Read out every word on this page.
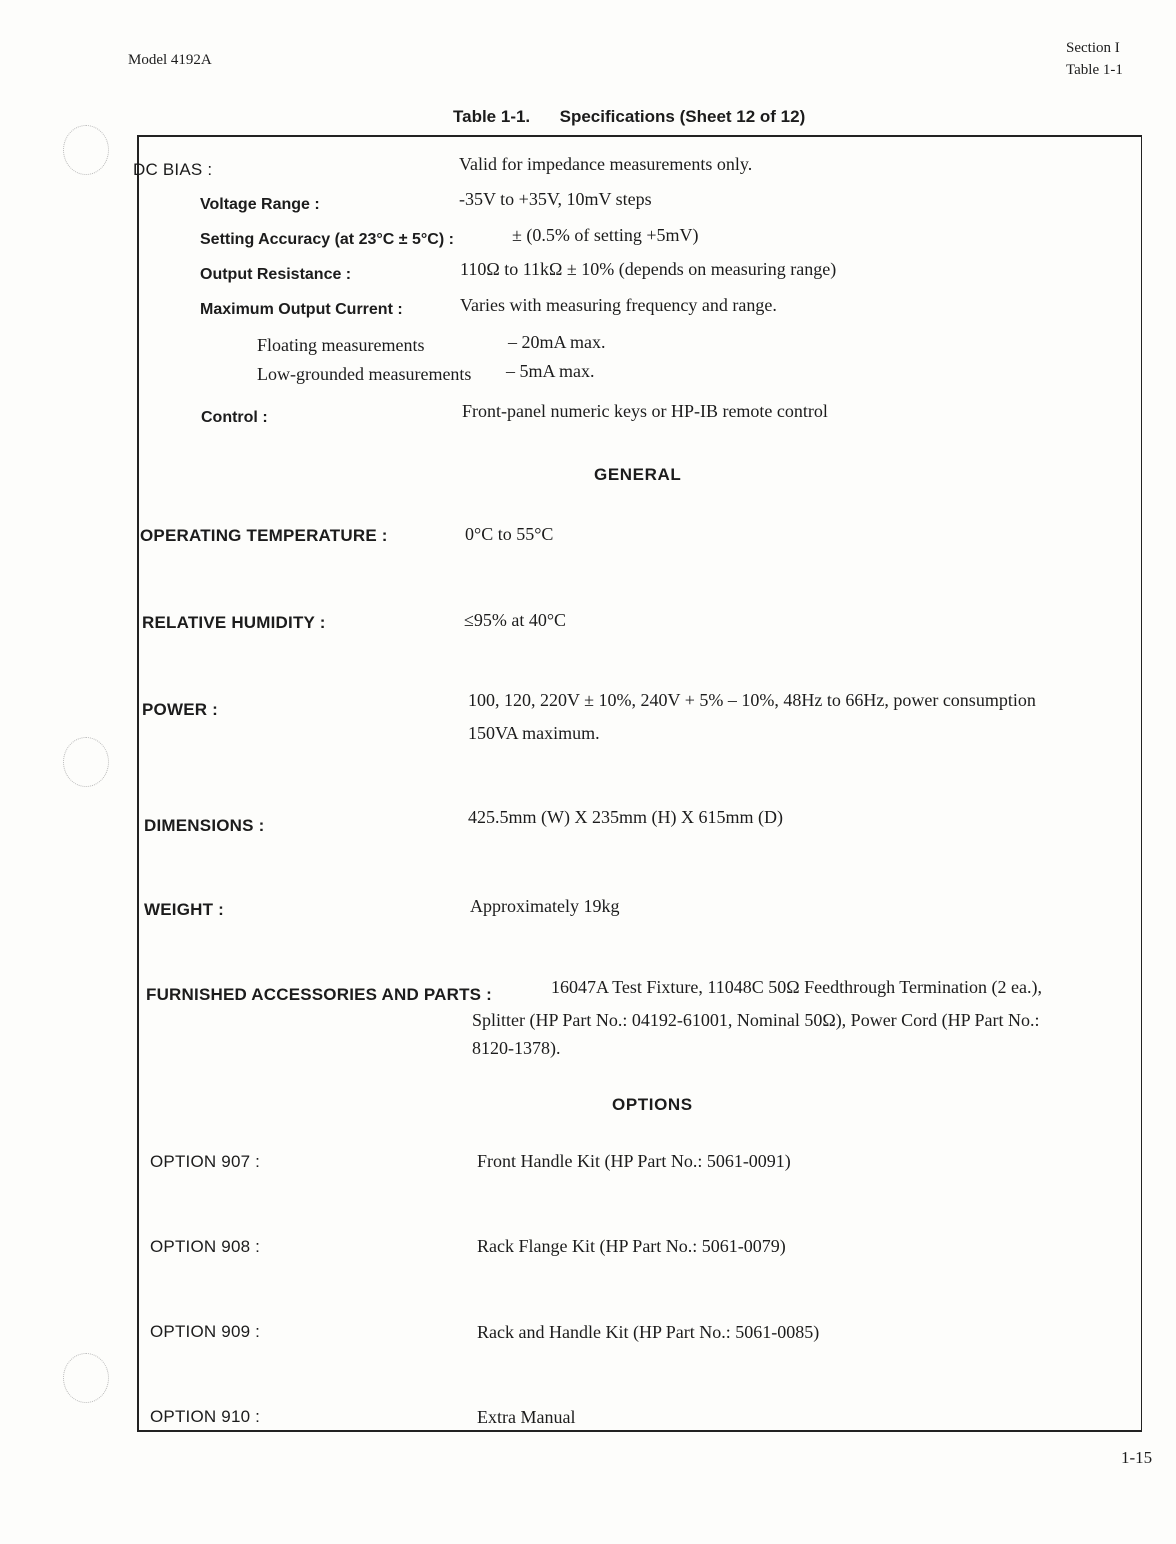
Model 4192A
Section I
Table 1-1
Table 1-1. Specifications (Sheet 12 of 12)
DC BIAS :	Valid for impedance measurements only.
Voltage Range :	-35V to +35V, 10mV steps
Setting Accuracy (at 23°C ± 5°C) :	± (0.5% of setting +5mV)
Output Resistance :	110Ω to 11kΩ ± 10% (depends on measuring range)
Maximum Output Current :	Varies with measuring frequency and range.
Floating measurements	– 20mA max.
Low-grounded measurements – 5mA max.
Control :	Front-panel numeric keys or HP-IB remote control
GENERAL
OPERATING TEMPERATURE :	0°C to 55°C
RELATIVE HUMIDITY :	≤95% at 40°C
POWER :	100, 120, 220V ± 10%, 240V + 5% – 10%, 48Hz to 66Hz, power consumption
150VA maximum.
DIMENSIONS :	425.5mm (W) X 235mm (H) X 615mm (D)
WEIGHT :	Approximately 19kg
FURNISHED ACCESSORIES AND PARTS :	16047A Test Fixture, 11048C 50Ω Feedthrough Termination (2 ea.),
Splitter (HP Part No.: 04192-61001, Nominal 50Ω), Power Cord (HP Part No.:
8120-1378).
OPTIONS
OPTION 907 :	Front Handle Kit (HP Part No.: 5061-0091)
OPTION 908 :	Rack Flange Kit (HP Part No.: 5061-0079)
OPTION 909 :	Rack and Handle Kit (HP Part No.: 5061-0085)
OPTION 910 :	Extra Manual
1-15
